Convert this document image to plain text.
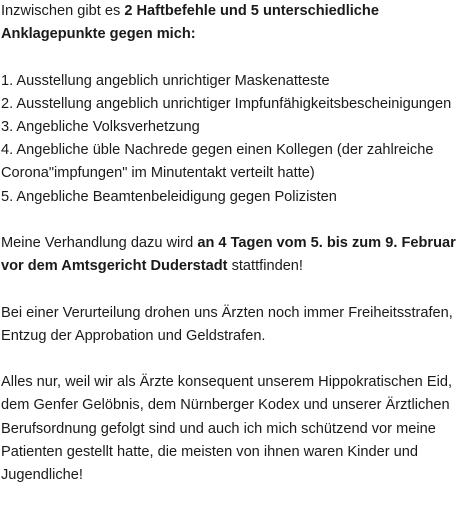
Inzwischen gibt es 2 Haftbefehle und 5 unterschiedliche Anklagepunkte gegen mich:

1. Ausstellung angeblich unrichtiger Maskenatteste
2. Ausstellung angeblich unrichtiger Impfunfähigkeitsbescheinigungen
3. Angebliche Volksverhetzung
4. Angebliche üble Nachrede gegen einen Kollegen (der zahlreiche Corona"impfungen" im Minutentakt verteilt hatte)
5. Angebliche Beamtenbeleidigung gegen Polizisten

Meine Verhandlung dazu wird an 4 Tagen vom 5. bis zum 9. Februar vor dem Amtsgericht Duderstadt stattfinden!

Bei einer Verurteilung drohen uns Ärzten noch immer Freiheitsstrafen, Entzug der Approbation und Geldstrafen.

Alles nur, weil wir als Ärzte konsequent unserem Hippokratischen Eid, dem Genfer Gelöbnis, dem Nürnberger Kodex und unserer Ärztlichen Berufsordnung gefolgt sind und auch ich mich schützend vor meine Patienten gestellt hatte, die meisten von ihnen waren Kinder und Jugendliche!
